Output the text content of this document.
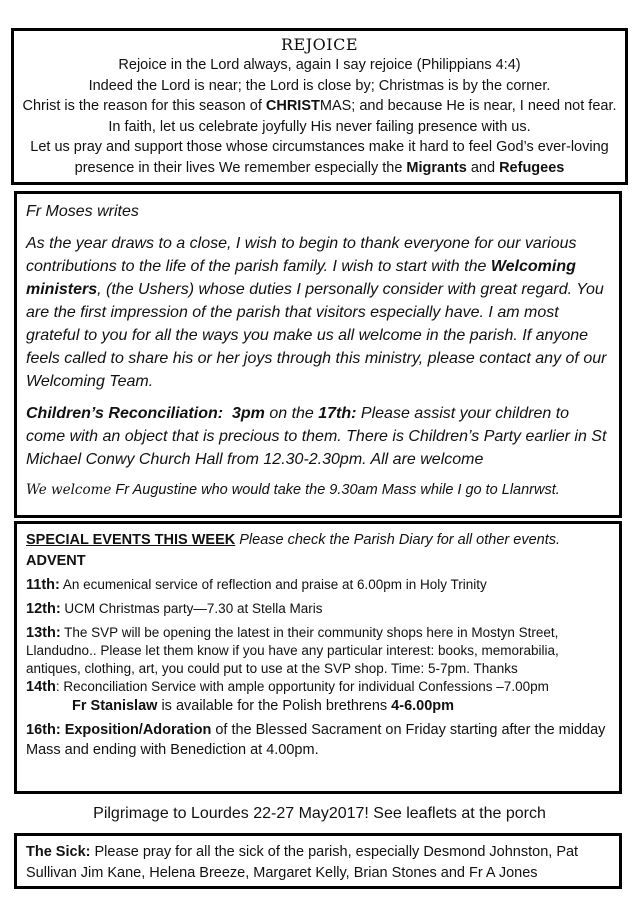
REJOICE

Rejoice in the Lord always, again I say rejoice (Philippians 4:4)

Indeed the Lord is near; the Lord is close by; Christmas is by the corner.

Christ is the reason for this season of CHRISTMAS; and because He is near, I need not fear. In faith, let us celebrate joyfully His never failing presence with us.

Let us pray and support those whose circumstances make it hard to feel God’s ever-loving presence in their lives We remember especially the Migrants and Refugees

Fr Moses writes

As the year draws to a close, I wish to begin to thank everyone for our various contributions to the life of the parish family. I wish to start with the Welcoming ministers, (the Ushers) whose duties I personally consider with great regard. You are the first impression of the parish that visitors especially have. I am most grateful to you for all the ways you make us all welcome in the parish. If anyone feels called to share his or her joys through this ministry, please contact any of our Welcoming Team.

Children’s Reconciliation: 3pm on the 17th: Please assist your children to come with an object that is precious to them. There is Children’s Party earlier in St Michael Conwy Church Hall from 12.30-2.30pm. All are welcome

We welcome Fr Augustine who would take the 9.30am Mass while I go to Llanrwst.

SPECIAL EVENTS THIS WEEK Please check the Parish Diary for all other events.

ADVENT

11th: An ecumenical service of reflection and praise at 6.00pm in Holy Trinity

12th: UCM Christmas party—7.30 at Stella Maris

13th: The SVP will be opening the latest in their community shops here in Mostyn Street, Llandudno.. Please let them know if you have any particular interest: books, memorabilia, antiques, clothing, art, you could put to use at the SVP shop. Time: 5-7pm. Thanks

14th: Reconciliation Service with ample opportunity for individual Confessions –7.00pm

Fr Stanislaw is available for the Polish brethrens 4-6.00pm

16th: Exposition/Adoration of the Blessed Sacrament on Friday starting after the midday Mass and ending with Benediction at 4.00pm.

Pilgrimage to Lourdes 22-27 May2017! See leaflets at the porch

The Sick: Please pray for all the sick of the parish, especially Desmond Johnston, Pat Sullivan Jim Kane, Helena Breeze, Margaret Kelly, Brian Stones and Fr A Jones
